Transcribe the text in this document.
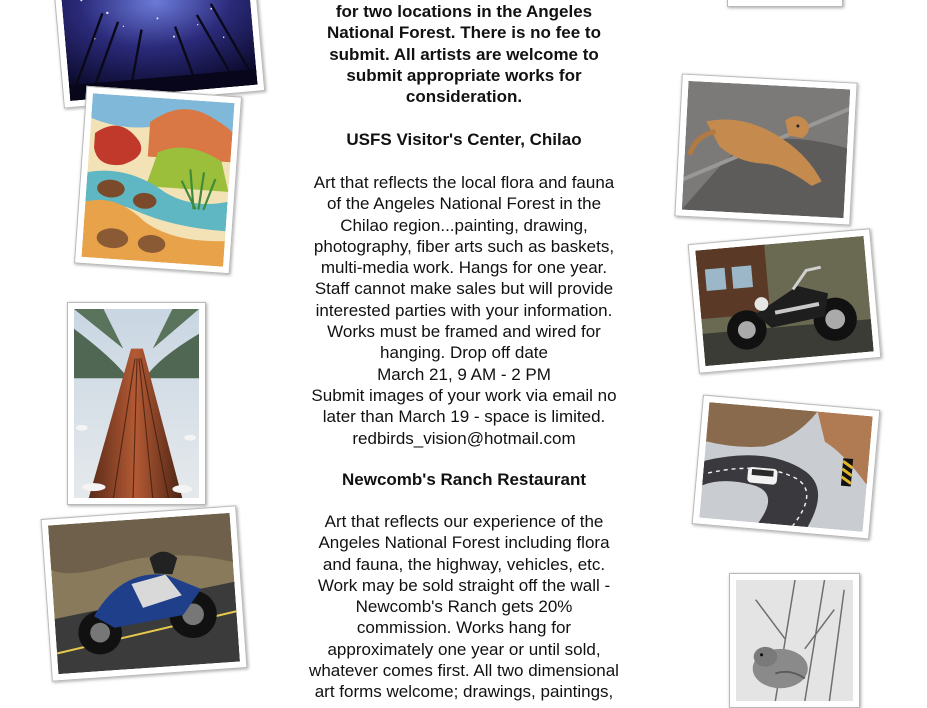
for two locations in the Angeles
National Forest. There is no fee to
submit. All artists are welcome to
submit appropriate works for
consideration.
USFS Visitor's Center, Chilao
Art that reflects the local flora and fauna
of the Angeles National Forest in the
Chilao region...painting, drawing,
photography, fiber arts such as baskets,
multi-media work. Hangs for one year.
Staff cannot make sales but will provide
interested parties with your information.
Works must be framed and wired for
hanging. Drop off date
March 21, 9 AM - 2 PM
Submit images of your work via email no
later than March 19 - space is limited.
redbirds_vision@hotmail.com
Newcomb's Ranch Restaurant
Art that reflects our experience of the
Angeles National Forest including flora
and fauna, the highway, vehicles, etc.
Work may be sold straight off the wall -
Newcomb's Ranch gets 20%
commission. Works hang for
approximately one year or until sold,
whatever comes first. All two dimensional
art forms welcome; drawings, paintings,
